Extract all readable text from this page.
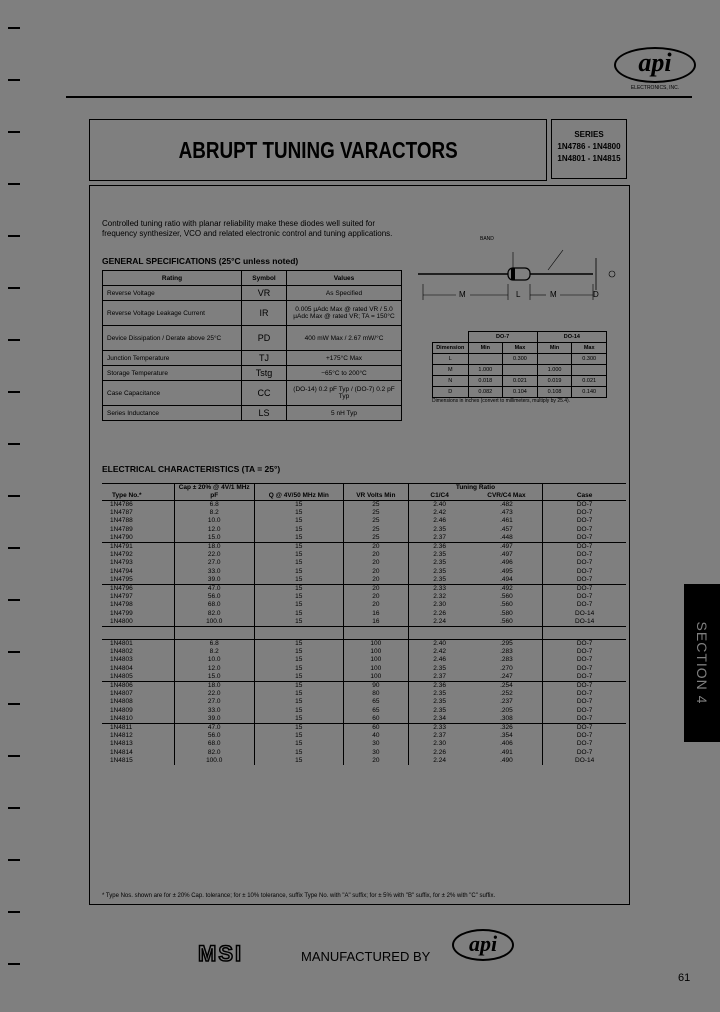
api
ELECTRONICS, INC.
ABRUPT TUNING VARACTORS
SERIES
1N4786 - 1N4800
1N4801 - 1N4815
Controlled tuning ratio with planar reliability make these diodes well suited for frequency synthesizer, VCO and related electronic control and tuning applications.
GENERAL SPECIFICATIONS (25°C unless noted)
Rating	Symbol	Values
Reverse Voltage	VR	As Specified
Reverse Voltage Leakage Current	IR	0.005 µAdc Max @ rated VR / 5.0 µAdc Max @ rated VR; TA = 150°C
Device Dissipation / Derate above 25°C	PD	400 mW Max / 2.67 mW/°C
Junction Temperature	TJ	+175°C Max
Storage Temperature	Tstg	−65°C to 200°C
Case Capacitance	CC	(DO-14) 0.2 pF Typ / (DO-7) 0.2 pF Typ
Series Inductance	LS	5 nH Typ
BAND
M	L	M	D
	DO-7		DO-14	
Dimension	Min	Max	Min	Max
L		0.300		0.300
M	1.000		1.000	
N	0.018	0.021	0.019	0.021
D	0.082	0.104	0.108	0.140
Dimensions in inches (convert to millimeters, multiply by 25.4).
ELECTRICAL CHARACTERISTICS (TA = 25°)
Type No.*	Cap ± 20% @ 4V/1 MHz pF	Q @ 4V/50 MHz Min	VR Volts Min	Tuning Ratio		Case
				C1/C4	CVR/C4 Max	
1N4786	6.8	15	25	2.40	.482	DO-7
1N4787	8.2	15	25	2.42	.473	DO-7
1N4788	10.0	15	25	2.46	.461	DO-7
1N4789	12.0	15	25	2.35	.457	DO-7
1N4790	15.0	15	25	2.37	.448	DO-7
1N4791	18.0	15	20	2.36	.497	DO-7
1N4792	22.0	15	20	2.35	.497	DO-7
1N4793	27.0	15	20	2.35	.496	DO-7
1N4794	33.0	15	20	2.35	.495	DO-7
1N4795	39.0	15	20	2.35	.494	DO-7
1N4796	47.0	15	20	2.33	.492	DO-7
1N4797	56.0	15	20	2.32	.560	DO-7
1N4798	68.0	15	20	2.30	.560	DO-7
1N4799	82.0	15	16	2.26	.580	DO-14
1N4800	100.0	15	16	2.24	.560	DO-14

1N4801	6.8	15	100	2.40	.295	DO-7
1N4802	8.2	15	100	2.42	.283	DO-7
1N4803	10.0	15	100	2.46	.283	DO-7
1N4804	12.0	15	100	2.35	.270	DO-7
1N4805	15.0	15	100	2.37	.247	DO-7
1N4806	18.0	15	90	2.36	.254	DO-7
1N4807	22.0	15	80	2.35	.252	DO-7
1N4808	27.0	15	65	2.35	.237	DO-7
1N4809	33.0	15	65	2.35	.205	DO-7
1N4810	39.0	15	60	2.34	.308	DO-7
1N4811	47.0	15	60	2.33	.326	DO-7
1N4812	56.0	15	40	2.37	.354	DO-7
1N4813	68.0	15	30	2.30	.406	DO-7
1N4814	82.0	15	30	2.26	.491	DO-7
1N4815	100.0	15	20	2.24	.490	DO-14
* Type Nos. shown are for ± 20% Cap. tolerance; for ± 10% tolerance, suffix Type No. with "A" suffix; for ± 5% with "B" suffix, for ± 2% with "C" suffix.
MSI	MANUFACTURED BY
api
SECTION 4
61
